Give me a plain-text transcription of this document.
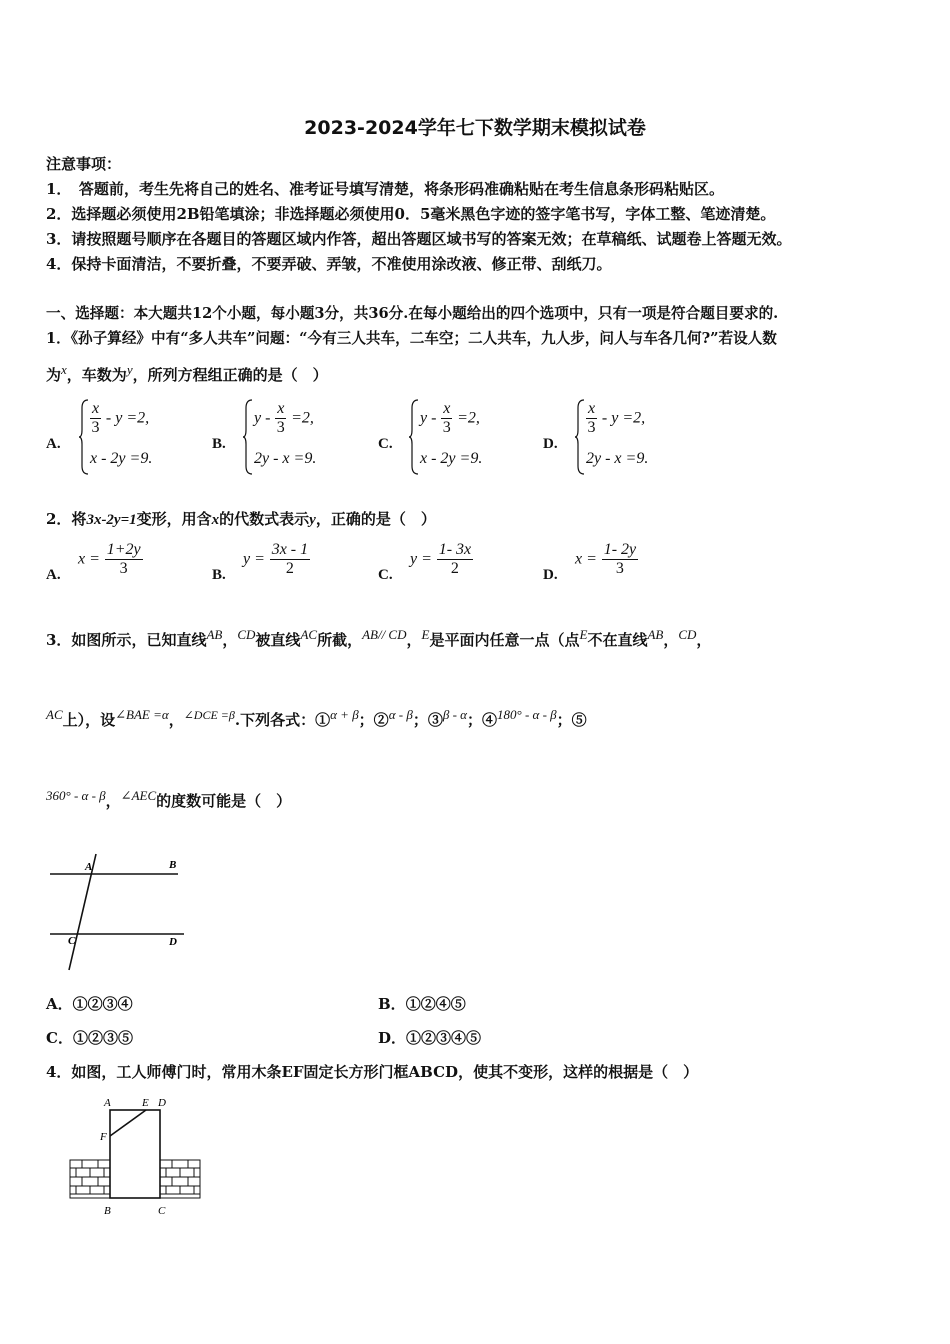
2023-2024学年七下数学期末模拟试卷
注意事项：
1．　答题前，考生先将自己的姓名、准考证号填写清楚，将条形码准确粘贴在考生信息条形码粘贴区。
2．选择题必须使用2B铅笔填涂；非选择题必须使用0．5毫米黑色字迹的签字笔书写，字体工整、笔迹清楚。
3．请按照题号顺序在各题目的答题区域内作答，超出答题区域书写的答案无效；在草稿纸、试题卷上答题无效。
4．保持卡面清洁，不要折叠，不要弄破、弄皱，不准使用涂改液、修正带、刮纸刀。
一、选择题：本大题共12个小题，每小题3分，共36分.在每小题给出的四个选项中，只有一项是符合题目要求的.
1．《孙子算经》中有“多人共车”问题：“今有三人共车，二车空；二人共车，九人步，问人与车各几何?”若设人数
为x，车数为y，所列方程组正确的是（　）
A.
$\frac{x}{3} - y =2$,
x - 2y =9.
B.
$y - \frac{x}{3} =2$,
2y - x =9.
C.
$y - \frac{x}{3} =2$,
x - 2y =9.
D.
$\frac{x}{3} - y =2$,
2y - x =9.
2．将3x-2y=1变形，用含x的代数式表示y，正确的是（　）
A.
$x = \frac{1+2y}{3}$	B.
$y = \frac{3x - 1}{2}$	C.
$y = \frac{1- 3x}{2}$	D.
$x = \frac{1- 2y}{3}$
3．如图所示，已知直线AB，CD被直线AC所截，AB// CD，E是平面内任意一点（点E不在直线AB，CD，
AC上），设∠BAE =α，$^{\angle DCE =\beta}$.下列各式：①α + β；②α - β；③β - α；④180° - α - β；⑤
360° - α - β，∠AEC的度数可能是（　）
A	B
C	D
A．①②③④	B．①②④⑤
C．①②③⑤	D．①②③④⑤
4．如图，工人师傅门时，常用木条EF固定长方形门框ABCD，使其不变形，这样的根据是（　）
A	E D
F
B	C
